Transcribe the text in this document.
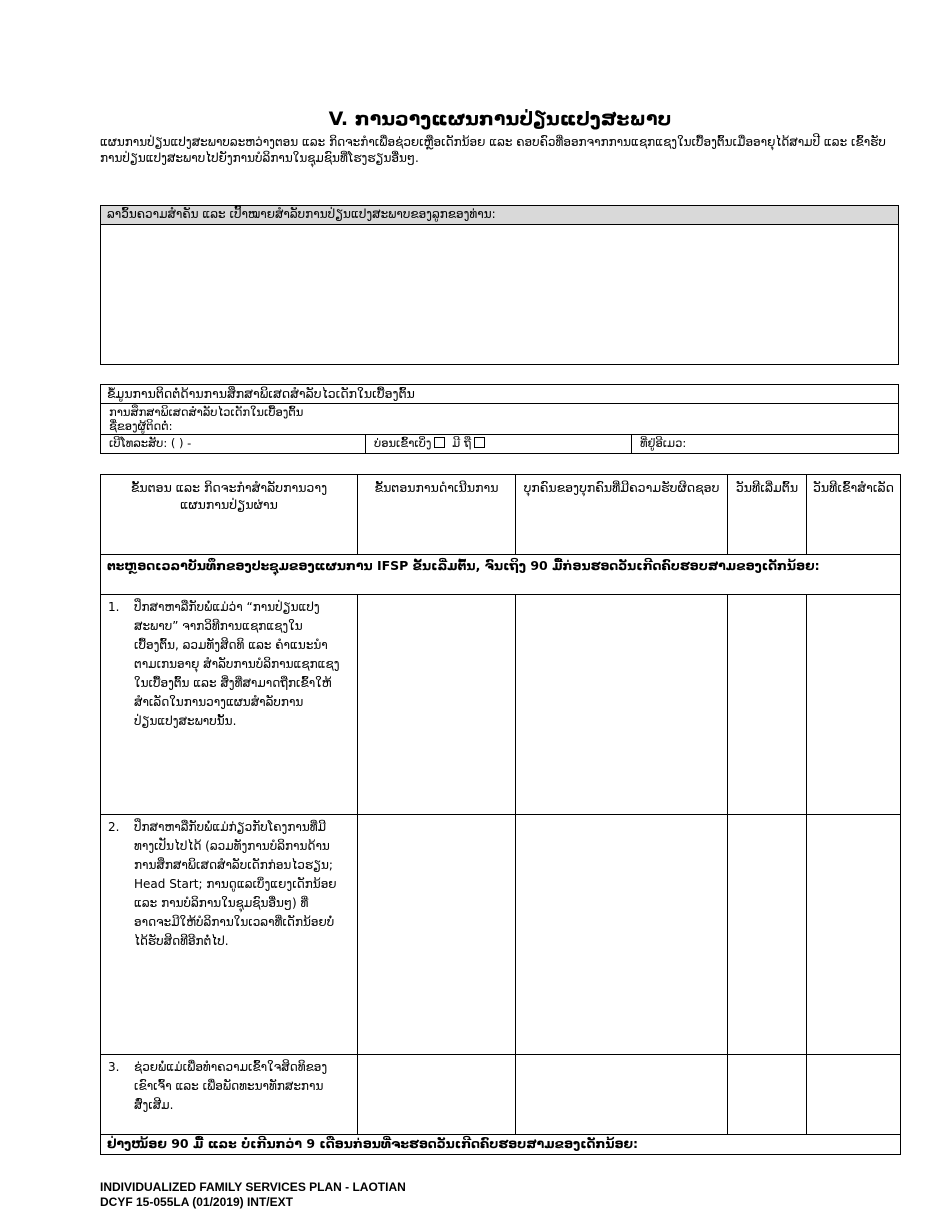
V. ການວາງແຜນການປ່ຽນແປງສະພາບ
ແຜນການປ່ຽນແປງສະພາບລະຫວ່າງຕອນ ແລະ ກິດຈະກຳເພື່ອຊ່ວຍເຫຼືອເດັກນ້ອຍ ແລະ ຄອບຄົວທີ່ອອກຈາກການແຊກແຊງໃນເບື້ອງຕົ້ນເມື່ອອາຍຸໄດ້ສາມປີ ແລະ ເຂົ້າຮັບການປ່ຽນແປງສະພາບໄປຍັງການບໍລິການໃນຊຸມຊົນທີ່ໂຮງຮຽນອື່ນໆ.
ລາວົ້ນຄວາມສຳຄັນ ແລະ ເປົ້າໝາຍສຳລັບການປ່ຽນແປງສະພາບຂອງລູກຂອງທ່ານ:
ຂໍ້ມູນການຕິດຕໍ່ດ້ານການສຶກສາພິເສດສຳລັບໄວເດັກໃນເບື້ອງຕົ້ນ
ການສຶກສາພິເສດສຳລັບໄວເດັກໃນເບື້ອງຕົ້ນ
ຊື່ຂອງຜູ້ຕິດຕໍ່:
ເບີໂທລະສັບ: ( ) -	ບ່ອນເຂົ້າເບິ່ງ ມີ ຖື	ທີ່ຢູ່ອີເມວ:
ຂັ້ນຕອນ ແລະ ກິດຈະກຳສຳລັບການວາງແຜນການປ່ຽນຜ່ານ	ຂັ້ນຕອນການດຳເນີນການ	ບຸກຄົນຂອງບຸກຄົນທີ່ມີຄວາມຮັບຜິດຊອບ	ວັນທີເລີ່ມຕົ້ນ	ວັນທີເຂົ້າສຳເລັດ
ຕະຫຼອດເວລາບັນທຶກຂອງປະຊຸມຂອງແຜນການ IFSP ຂັ້ນເລີ່ມຕົ້ນ, ຈົນເຖິງ 90 ມື້ກ່ອນຮອດວັນເກີດຄົບຮອບສາມຂອງເດັກນ້ອຍ:				

1. ປຶກສາຫາລືກັບພໍ່ແມ່ວ່າ “ການປ່ຽນແປງສະພາບ” ຈາກວິທີການແຊກແຊງໃນເບື້ອງຕົ້ນ, ລວມທັງສິດທິ ແລະ ຄຳແນະນຳຕາມເກນອາຍຸ ສຳລັບການບໍລິການແຊກແຊງໃນເບື້ອງຕົ້ນ ແລະ ສິ່ງທີ່ສາມາດຖືກເຂົ້າໃຫ້ສຳເລັດໃນການວາງແຜນສຳລັບການປ່ຽນແປງສະພາບນັ້ນ.				

2. ປຶກສາຫາລືກັບພໍ່ແມ່ກ່ຽວກັບໂຄງການທີ່ມີທາງເປັນໄປໄດ້ (ລວມທັງການບໍລິການດ້ານການສຶກສາພິເສດສຳລັບເດັກກ່ອນໄວຮຽນ; Head Start; ການດູແລເບິ່ງແຍງເດັກນ້ອຍ ແລະ ການບໍລິການໃນຊຸມຊົນອື່ນໆ) ທີ່ອາດຈະມີໃຫ້ບໍລິການໃນເວລາທີ່ເດັກນ້ອຍບໍ່ໄດ້ຮັບສິດທີອີກຕໍ່ໄປ.				

3. ຊ່ວຍພໍ່ແມ່ເພື່ອທຳຄວາມເຂົ້າໃຈສິດທິຂອງເຂົາເຈົ້າ ແລະ ເພື່ອພັດທະນາທັກສະການສົ່ງເສີມ.				

ຢ່າງໜ້ອຍ 90 ມື້ ແລະ ບໍ່ເກີນກວ່າ 9 ເດືອນກ່ອນທີ່ຈະຮອດວັນເກີດຄົບຮອບສາມຂອງເດັກນ້ອຍ:				
INDIVIDUALIZED FAMILY SERVICES PLAN - LAOTIAN
DCYF 15-055LA (01/2019) INT/EXT
